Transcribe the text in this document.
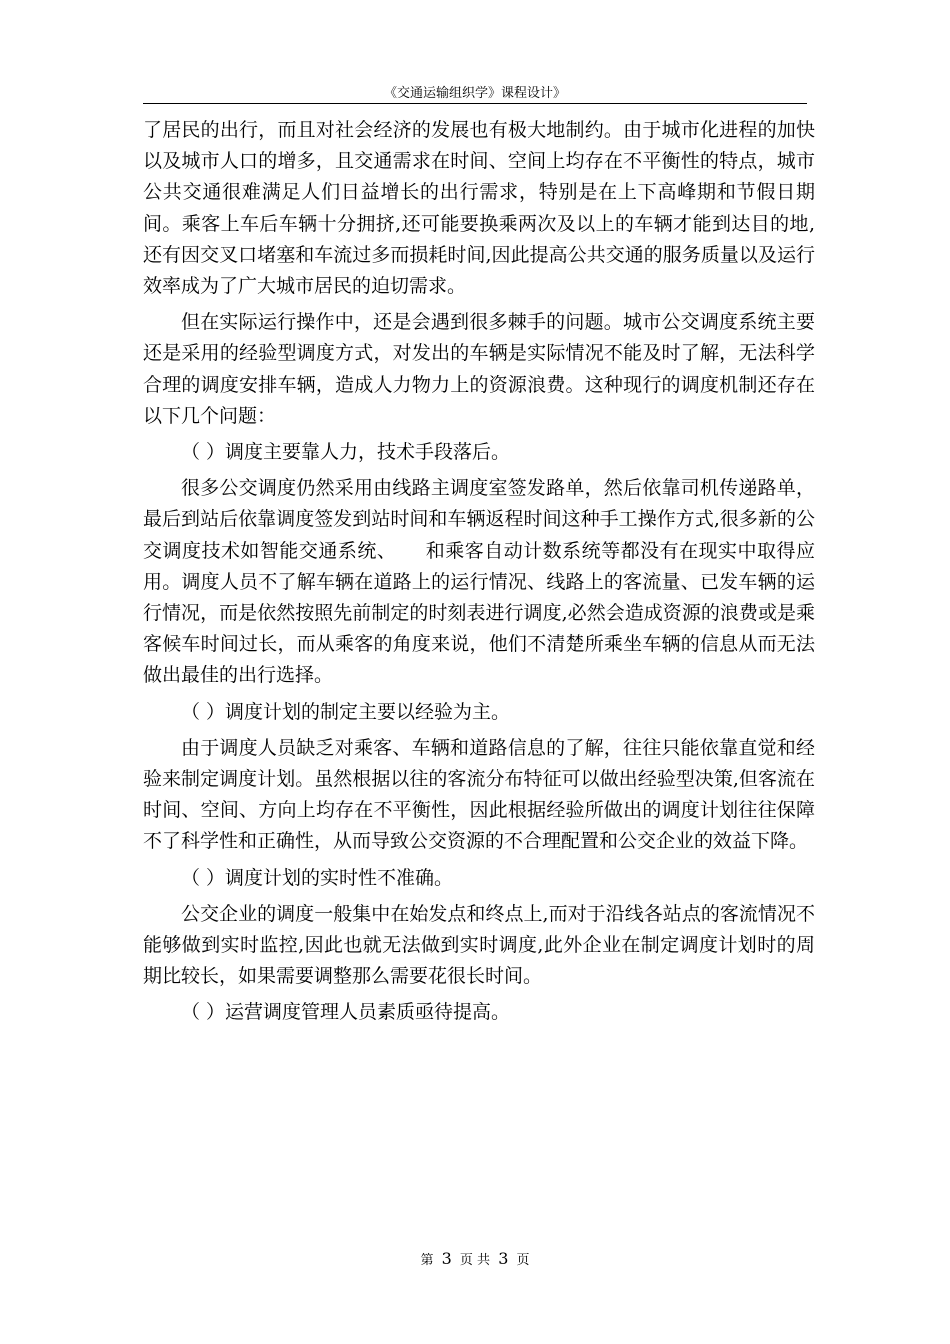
《交通运输组织学》课程设计》

了居民的出行，而且对社会经济的发展也有极大地制约。由于城市化进程的加快以及城市人口的增多，且交通需求在时间、空间上均存在不平衡性的特点，城市公共交通很难满足人们日益增长的出行需求，特别是在上下高峰期和节假日期间。乘客上车后车辆十分拥挤,还可能要换乘两次及以上的车辆才能到达目的地,还有因交叉口堵塞和车流过多而损耗时间,因此提高公共交通的服务质量以及运行效率成为了广大城市居民的迫切需求。

但在实际运行操作中，还是会遇到很多棘手的问题。城市公交调度系统主要还是采用的经验型调度方式，对发出的车辆是实际情况不能及时了解，无法科学合理的调度安排车辆，造成人力物力上的资源浪费。这种现行的调度机制还存在以下几个问题：

（ ）调度主要靠人力，技术手段落后。

很多公交调度仍然采用由线路主调度室签发路单，然后依靠司机传递路单，最后到站后依靠调度签发到站时间和车辆返程时间这种手工操作方式,很多新的公交调度技术如智能交通系统、　　和乘客自动计数系统等都没有在现实中取得应用。调度人员不了解车辆在道路上的运行情况、线路上的客流量、已发车辆的运行情况，而是依然按照先前制定的时刻表进行调度,必然会造成资源的浪费或是乘客候车时间过长，而从乘客的角度来说，他们不清楚所乘坐车辆的信息从而无法做出最佳的出行选择。

（ ）调度计划的制定主要以经验为主。

由于调度人员缺乏对乘客、车辆和道路信息的了解，往往只能依靠直觉和经验来制定调度计划。虽然根据以往的客流分布特征可以做出经验型决策,但客流在时间、空间、方向上均存在不平衡性，因此根据经验所做出的调度计划往往保障不了科学性和正确性，从而导致公交资源的不合理配置和公交企业的效益下降。

（ ）调度计划的实时性不准确。

公交企业的调度一般集中在始发点和终点上,而对于沿线各站点的客流情况不能够做到实时监控,因此也就无法做到实时调度,此外企业在制定调度计划时的周期比较长，如果需要调整那么需要花很长时间。

（ ）运营调度管理人员素质亟待提高。

第 3 页 共 3 页
